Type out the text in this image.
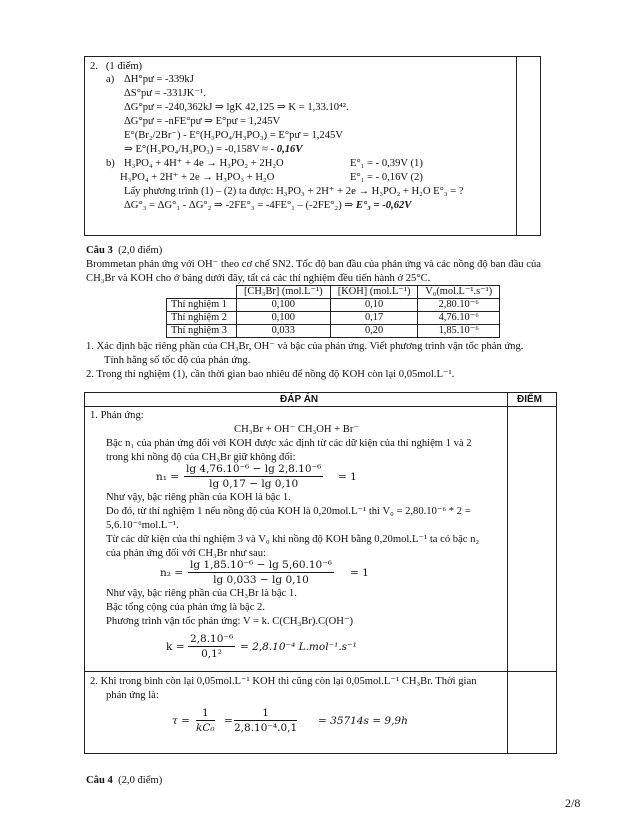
2. (1 điểm)
a) ΔH°pư = -339kJ
ΔS°pư = -331JK⁻¹.
ΔG°pư = -240,362kJ ⇒ lgK 42,125 ⇒ K = 1,33.10⁴².
ΔG°pư = -nFE°pư ⇒ E°pư = 1,245V
E°(Br₂/2Br⁻) - E°(H₃PO₄/H₃PO₃) = E°pư = 1,245V
⇒ E°(H₃PO₄/H₃PO₃) = -0,158V ≈ - 0,16V
b) H₃PO₄ + 4H⁺ + 4e → H₃PO₂ + 2H₂O	E°₁ = - 0,39V (1)
H₃PO₄ + 2H⁺ + 2e → H₃PO₃ + H₂O	E°₁ = - 0,16V (2)
Lấy phương trình (1) – (2) ta được: H₃PO₃ + 2H⁺ + 2e → H₃PO₂ + H₂O E°₃ = ?
ΔG°₃ = ΔG°₁ - ΔG°₂ ⇒ -2FE°₃ = -4FE°₁ – (-2FE°₂) ⇒ E°₃ = -0,62V
Câu 3 (2,0 điểm)
Brommetan phản ứng với OH⁻ theo cơ chế SN2. Tốc độ ban đầu của phản ứng và các nồng độ ban đầu của
CH₃Br và KOH cho ở bảng dưới đây, tất cả các thí nghiệm đều tiến hành ở 25°C.
	[CH₃Br] (mol.L⁻¹)	[KOH] (mol.L⁻¹)	V₀(mol.L⁻¹.s⁻¹)
Thí nghiệm 1	0,100	0,10	2,80.10⁻⁶
Thí nghiệm 2	0,100	0,17	4,76.10⁻⁶
Thí nghiệm 3	0,033	0,20	1,85.10⁻⁶
1. Xác định bậc riêng phần của CH₃Br, OH⁻ và bậc của phản ứng. Viết phương trình vận tốc phản ứng.
Tính hằng số tốc độ của phản ứng.
2. Trong thí nghiệm (1), cần thời gian bao nhiêu để nồng độ KOH còn lại 0,05mol.L⁻¹.
ĐÁP ÁN	ĐIỂM
1. Phản ứng:
CH₃Br + OH⁻ CH₃OH + Br⁻
Bậc n₁ của phản ứng đối với KOH được xác định từ các dữ kiện của thí nghiệm 1 và 2
trong khi nồng độ của CH₃Br giữ không đổi:
$n_1 = \frac{\text{lg 4,76.10⁻⁶ − lg 2,8.10⁻⁶}}{\lg 0,17 - \lg 0,10} = 1$
Như vậy, bậc riêng phần của KOH là bậc 1.
Do đó, từ thí nghiệm 1 nếu nồng độ của KOH là 0,20mol.L⁻¹ thì V₀ = 2,80.10⁻⁶ * 2 =
5,6.10⁻⁶mol.L⁻¹.
Từ các dữ kiện của thí nghiệm 3 và V₀ khi nồng độ KOH bằng 0,20mol.L⁻¹ ta có bậc n₂
của phản ứng đối với CH₃Br như sau:
$n_2 = \frac{\text{lg 1,85.10⁻⁶ − lg 5,60.10⁻⁶}}{\lg 0,033 - \lg 0,10} = 1$
Như vậy, bậc riêng phần của CH₃Br là bậc 1.
Bậc tổng cộng của phản ứng là bậc 2.
Phương trình vận tốc phản ứng: V = k. C(CH₃Br).C(OH⁻)
$k = \frac{\text{2,8.10⁻⁶}}{\text{0,1²}} = 2,8.10^{-4}$ L.mol⁻¹.s⁻¹
2. Khi trong bình còn lại 0,05mol.L⁻¹ KOH thì cũng còn lại 0,05mol.L⁻¹ CH₃Br. Thời gian
phản ứng là:
$\tau = \frac{1}{\text{kC₀}} = \frac{1}{\text{2,8.10⁻⁴.0,1}} = 35714s = 9,9h$
Câu 4 (2,0 điểm)
2/8
